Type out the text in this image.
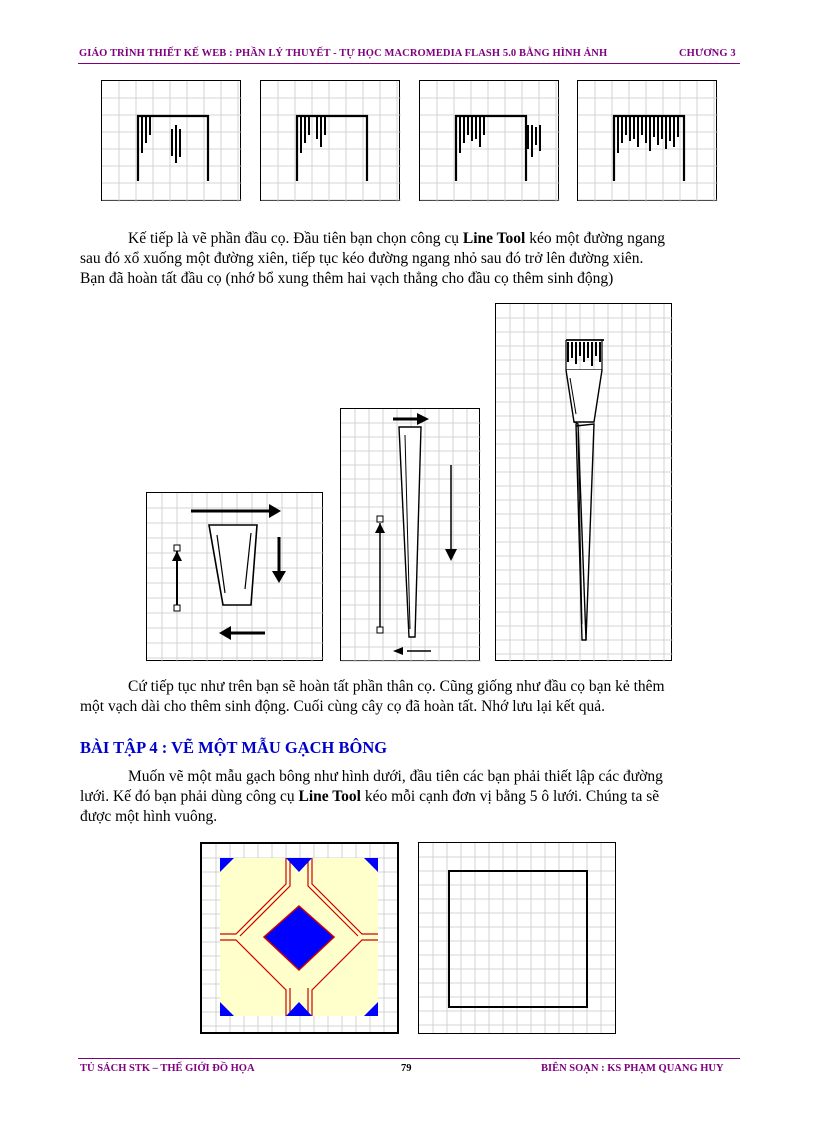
GIÁO TRÌNH THIẾT KẾ WEB : PHẦN LÝ THUYẾT - TỰ HỌC MACROMEDIA FLASH 5.0 BẰNG HÌNH ẢNH	CHƯƠNG 3
Kế tiếp là vẽ phần đầu cọ. Đầu tiên bạn chọn công cụ Line Tool kéo một đường ngang
sau đó xổ xuống một đường xiên, tiếp tục kéo đường ngang nhỏ sau đó trở lên đường xiên.
Bạn đã hoàn tất đầu cọ (nhớ bổ xung thêm hai vạch thẳng cho đầu cọ thêm sinh động)
Cứ tiếp tục như trên bạn sẽ hoàn tất phần thân cọ. Cũng giống như đầu cọ bạn kẻ thêm
một vạch dài cho thêm sinh động. Cuối cùng cây cọ đã hoàn tất. Nhớ lưu lại kết quả.
BÀI TẬP 4 : VẼ MỘT MẪU GẠCH BÔNG
Muốn vẽ một mẫu gạch bông như hình dưới, đầu tiên các bạn phải thiết lập các đường
lưới. Kế đó bạn phải dùng công cụ Line Tool kéo mỗi cạnh đơn vị bằng 5 ô lưới. Chúng ta sẽ
được một hình vuông.
TỦ SÁCH STK – THẾ GIỚI ĐỒ HỌA	79	BIÊN SOẠN : KS PHẠM QUANG HUY
